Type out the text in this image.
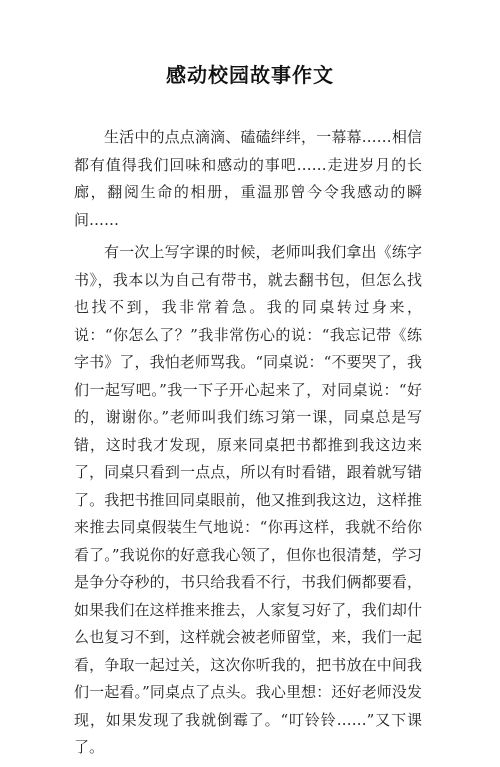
感动校园故事作文

生活中的点点滴滴、磕磕绊绊，一幕幕……相信都有值得我们回味和感动的事吧……走进岁月的长廊，翻阅生命的相册，重温那曾今令我感动的瞬间……

有一次上写字课的时候，老师叫我们拿出《练字书》，我本以为自己有带书，就去翻书包，但怎么找也找不到，我非常着急。我的同桌转过身来，说：“你怎么了？”我非常伤心的说：“我忘记带《练字书》了，我怕老师骂我。“同桌说：“不要哭了，我们一起写吧。”我一下子开心起来了，对同桌说：“好的，谢谢你。”老师叫我们练习第一课，同桌总是写错，这时我才发现，原来同桌把书都推到我这边来了，同桌只看到一点点，所以有时看错，跟着就写错了。我把书推回同桌眼前，他又推到我这边，这样推来推去同桌假装生气地说：“你再这样，我就不给你看了。”我说你的好意我心领了，但你也很清楚，学习是争分夺秒的，书只给我看不行，书我们俩都要看，如果我们在这样推来推去，人家复习好了，我们却什么也复习不到，这样就会被老师留堂，来，我们一起看，争取一起过关，这次你听我的，把书放在中间我们一起看。”同桌点了点头。我心里想：还好老师没发现，如果发现了我就倒霉了。“叮铃铃……”又下课了。
